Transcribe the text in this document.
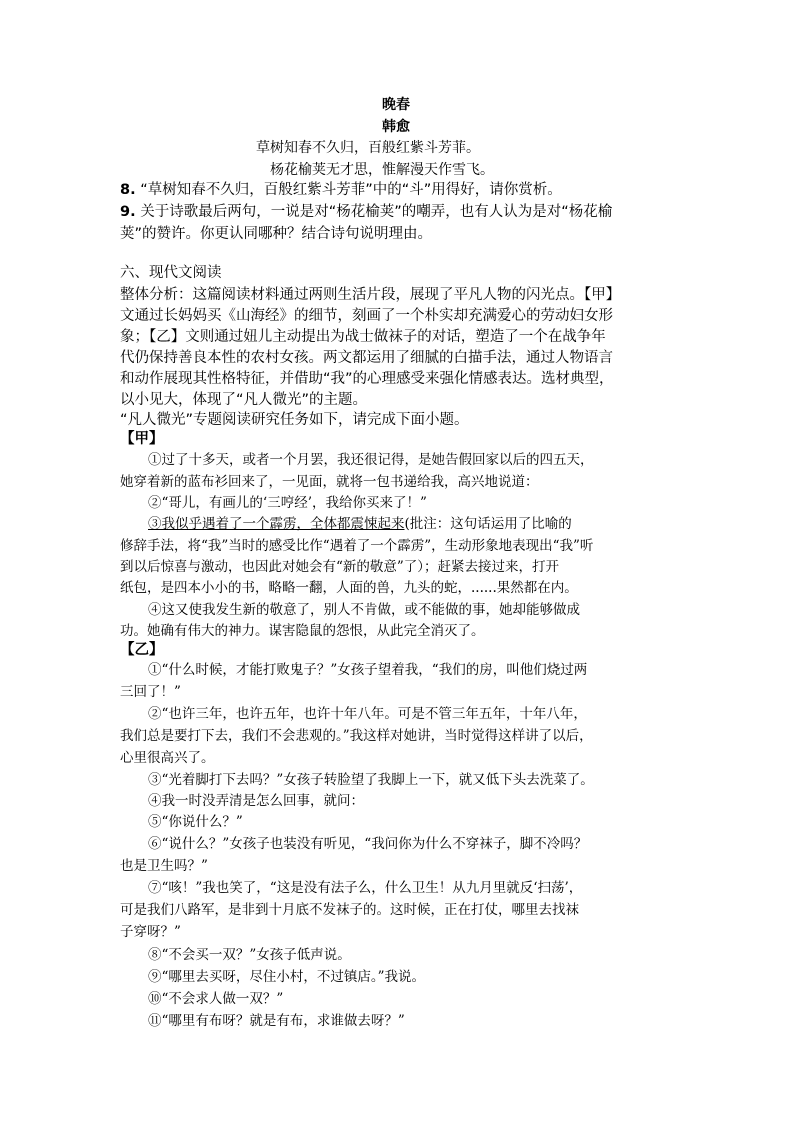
晚春
韩愈
草树知春不久归，百般红紫斗芳菲。
杨花榆荚无才思，惟解漫天作雪飞。
8. “草树知春不久归，百般红紫斗芳菲”中的“斗”用得好，请你赏析。
9. 关于诗歌最后两句，一说是对“杨花榆荚”的嘲弄，也有人认为是对“杨花榆
荚”的赞许。你更认同哪种？结合诗句说明理由。
六、现代文阅读
整体分析：这篇阅读材料通过两则生活片段，展现了平凡人物的闪光点。【甲】
文通过长妈妈买《山海经》的细节，刻画了一个朴实却充满爱心的劳动妇女形
象；【乙】文则通过妞儿主动提出为战士做袜子的对话，塑造了一个在战争年
代仍保持善良本性的农村女孩。两文都运用了细腻的白描手法，通过人物语言
和动作展现其性格特征，并借助“我”的心理感受来强化情感表达。选材典型，
以小见大，体现了“凡人微光”的主题。
“凡人微光”专题阅读研究任务如下，请完成下面小题。
【甲】
①过了十多天，或者一个月罢，我还很记得，是她告假回家以后的四五天，
她穿着新的蓝布衫回来了，一见面，就将一包书递给我，高兴地说道：
②“哥儿，有画儿的‘三哼经’，我给你买来了！”
③我似乎遇着了一个霹雳，全体都震悚起来(批注：这句话运用了比喻的
修辞手法，将“我”当时的感受比作“遇着了一个霹雳”，生动形象地表现出“我”听
到以后惊喜与激动，也因此对她会有“新的敬意”了）；赶紧去接过来，打开
纸包，是四本小小的书，略略一翻，人面的兽，九头的蛇，......果然都在内。
④这又使我发生新的敬意了，别人不肯做，或不能做的事，她却能够做成
功。她确有伟大的神力。谋害隐鼠的怨恨，从此完全消灭了。
【乙】
①“什么时候，才能打败鬼子？”女孩子望着我，“我们的房，叫他们烧过两
三回了！”
②“也许三年，也许五年，也许十年八年。可是不管三年五年，十年八年，
我们总是要打下去，我们不会悲观的。”我这样对她讲，当时觉得这样讲了以后，
心里很高兴了。
③“光着脚打下去吗？”女孩子转脸望了我脚上一下，就又低下头去洗菜了。
④我一时没弄清是怎么回事，就问：
⑤“你说什么？”
⑥“说什么？”女孩子也装没有听见，“我问你为什么不穿袜子，脚不冷吗？
也是卫生吗？”
⑦“咳！”我也笑了，“这是没有法子么，什么卫生！从九月里就反‘扫荡’，
可是我们八路军，是非到十月底不发袜子的。这时候，正在打仗，哪里去找袜
子穿呀？”
⑧“不会买一双？”女孩子低声说。
⑨“哪里去买呀，尽住小村，不过镇店。”我说。
⑩“不会求人做一双？”
⑪“哪里有布呀？就是有布，求谁做去呀？”
